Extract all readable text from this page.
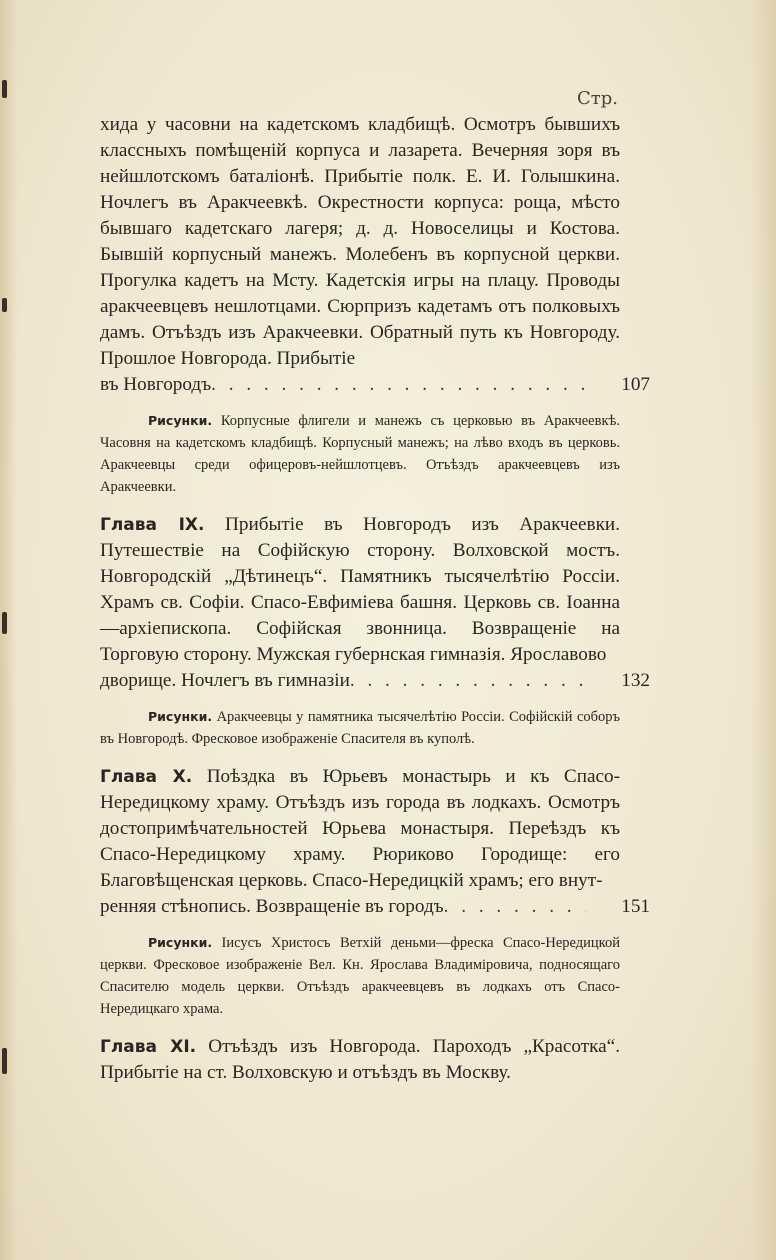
Стр.

хида у часовни на кадетскомъ кладбищѣ. Осмотръ бывшихъ классныхъ помѣщеній корпуса и лазарета. Вечерняя зоря въ нейшлотскомъ баталіонѣ. Прибытіе полк. Е. И. Голышкина. Ночлегъ въ Аракчеевкѣ. Окрестности корпуса: роща, мѣсто бывшаго кадетскаго лагеря; д. д. Новоселицы и Костова. Бывшій корпусный манежъ. Молебенъ въ корпусной церкви. Прогулка кадетъ на Мсту. Кадетскія игры на плацу. Проводы аракчеевцевъ нешлотцами. Сюрпризъ кадетамъ отъ полковыхъ дамъ. Отъѣздъ изъ Аракчеевки. Обратный путь къ Новгороду. Прошлое Новгорода. Прибытіе

въ Новгородъ . . .	107

Рисунки. Корпусные флигели и манежъ съ церковью въ Аракчеевкѣ. Часовня на кадетскомъ кладбищѣ. Корпусный манежъ; на лѣво входъ въ церковь. Аракчеевцы среди офицеровъ-нейшлотцевъ. Отъѣздъ аракчеевцевъ изъ Аракчеевки.

Глава IX. Прибытіе въ Новгородъ изъ Аракчеевки. Путешествіе на Софійскую сторону. Волховской мостъ. Новгородскій „Дѣтинецъ“. Памятникъ тысячелѣтію Россіи. Храмъ св. Софіи. Спасо-Евфиміева башня. Церковь св. Іоанна—архіепископа. Софійская звонница. Возвращеніе на Торговую сторону. Мужская губернская гимназія. Ярославово

дворище. Ночлегъ въ гимназіи . . .	132

Рисунки. Аракчеевцы у памятника тысячелѣтію Россіи. Софійскій соборъ въ Новгородѣ. Фресковое изображеніе Спасителя въ куполѣ.

Глава X. Поѣздка въ Юрьевъ монастырь и къ Спасо-Нередицкому храму. Отъѣздъ изъ города въ лодкахъ. Осмотръ достопримѣчательностей Юрьева монастыря. Переѣздъ къ Спасо-Нередицкому храму. Рюриково Городище: его Благовѣщенская церковь. Спасо-Нередицкій храмъ; его внут-

ренняя стѣнопись. Возвращеніе въ городъ . . .	151

Рисунки. Іисусъ Христосъ Ветхій деньми—фреска Спасо-Нередицкой церкви. Фресковое изображеніе Вел. Кн. Ярослава Владиміровича, подносящаго Спасителю модель церкви. Отъѣздъ аракчеевцевъ въ лодкахъ отъ Спасо-Нередицкаго храма.

Глава XI. Отъѣздъ изъ Новгорода. Пароходъ „Красотка“. Прибытіе на ст. Волховскую и отъѣздъ въ Москву.
